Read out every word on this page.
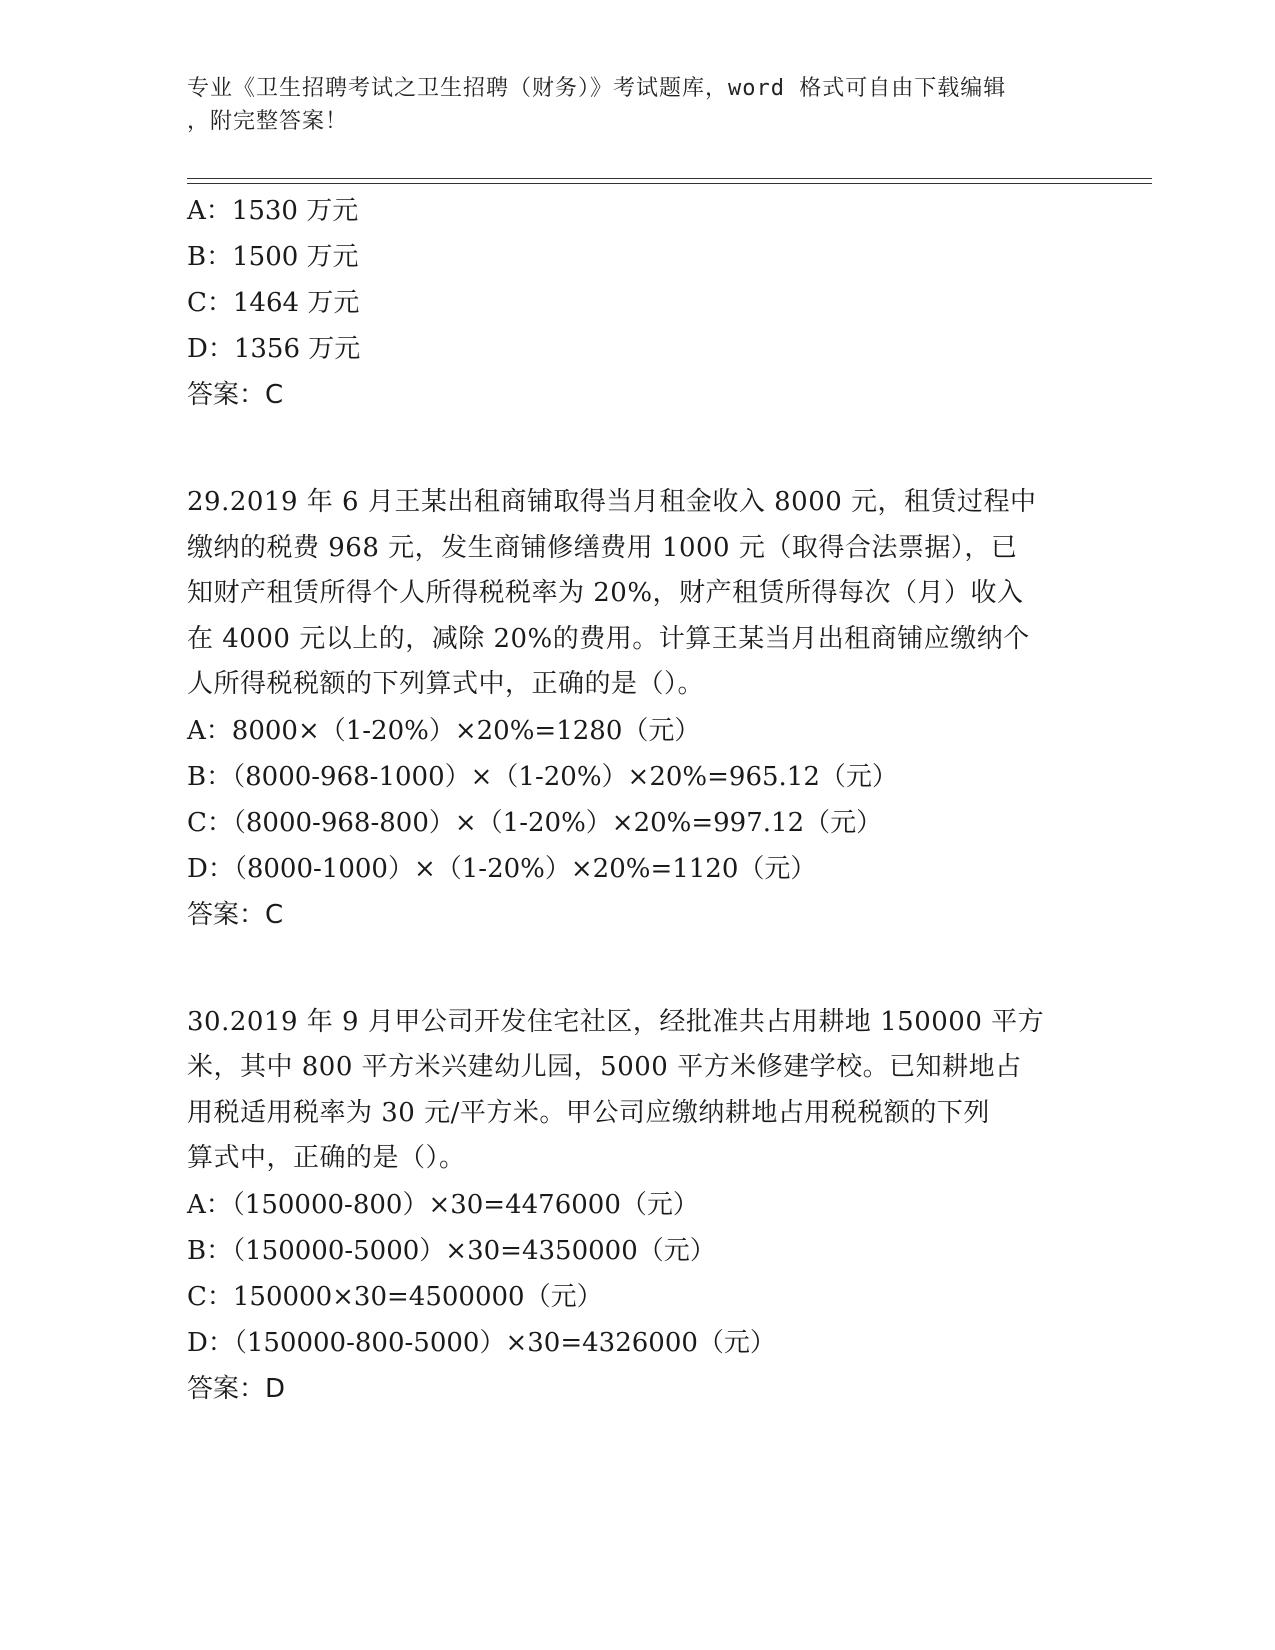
专业《卫生招聘考试之卫生招聘（财务）》考试题库，word 格式可自由下载编辑
，附完整答案！
A：1530 万元
B：1500 万元
C：1464 万元
D：1356 万元
答案：C
29.2019 年 6 月王某出租商铺取得当月租金收入 8000 元，租赁过程中
缴纳的税费 968 元，发生商铺修缮费用 1000 元（取得合法票据），已
知财产租赁所得个人所得税税率为 20%，财产租赁所得每次（月）收入
在 4000 元以上的，减除 20%的费用。计算王某当月出租商铺应缴纳个
人所得税税额的下列算式中，正确的是（）。
A：8000×（1-20%）×20%=1280（元）
B：（8000-968-1000）×（1-20%）×20%=965.12（元）
C：（8000-968-800）×（1-20%）×20%=997.12（元）
D：（8000-1000）×（1-20%）×20%=1120（元）
答案：C
30.2019 年 9 月甲公司开发住宅社区，经批准共占用耕地 150000 平方
米，其中 800 平方米兴建幼儿园，5000 平方米修建学校。已知耕地占
用税适用税率为 30 元/平方米。甲公司应缴纳耕地占用税税额的下列
算式中，正确的是（）。
A：（150000-800）×30=4476000（元）
B：（150000-5000）×30=4350000（元）
C：150000×30=4500000（元）
D：（150000-800-5000）×30=4326000（元）
答案：D
